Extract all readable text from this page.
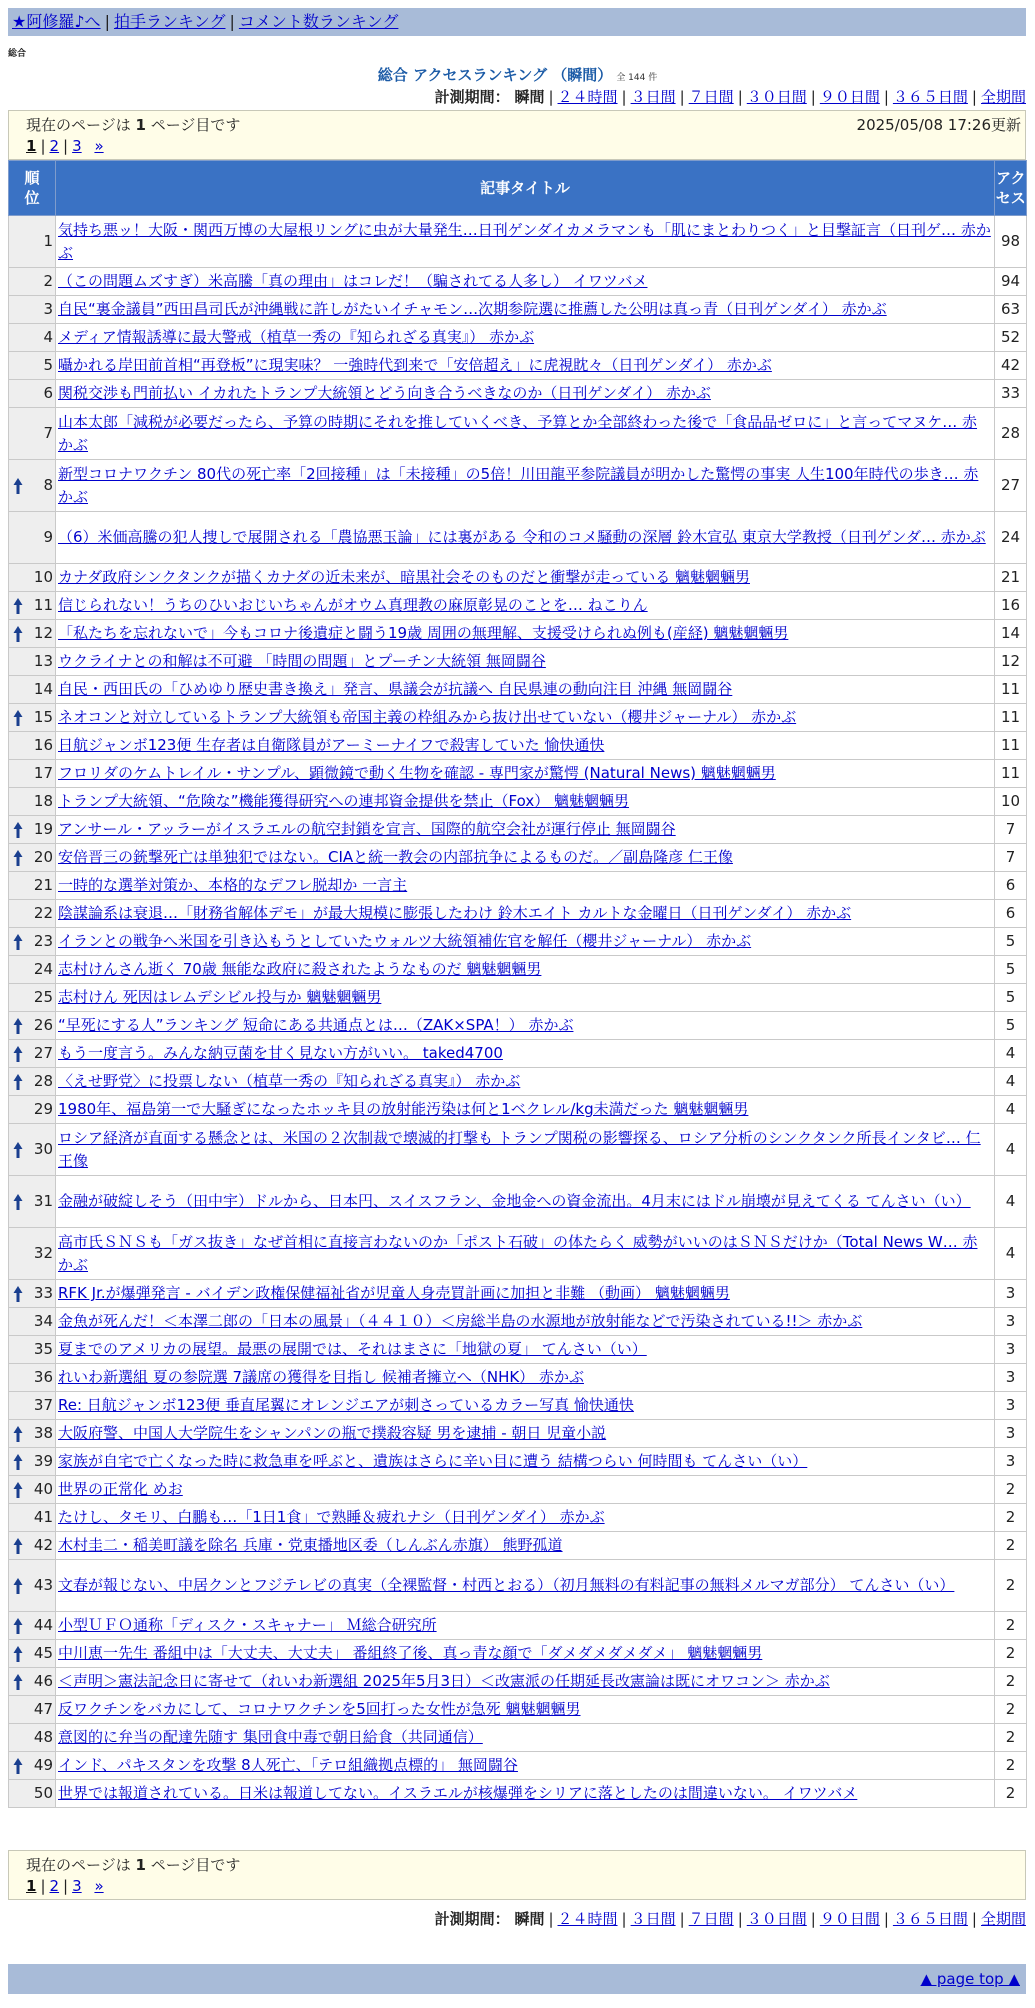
★阿修羅♪へ | 拍手ランキング | コメント数ランキング
総合
総合 アクセスランキング （瞬間） 全 144 件
計測期間： 瞬間 | ２４時間 | ３日間 | ７日間 | ３０日間 | ９０日間 | ３６５日間 | 全期間
現在のページは 1 ページ目です	2025/05/08 17:26更新
1 | 2 | 3 »
順位	記事タイトル	アクセス
1	気持ち悪ッ！大阪・関西万博の大屋根リングに虫が大量発生…日刊ゲンダイカメラマンも「肌にまとわりつく」と目撃証言（日刊ゲ… 赤かぶ	98
2	（この問題ムズすぎ）米高騰「真の理由」はコレだ！（騙されてる人多し） イワツバメ	94
3	自民“裏金議員”西田昌司氏が沖縄戦に許しがたいイチャモン…次期参院選に推薦した公明は真っ青（日刊ゲンダイ） 赤かぶ	63
4	メディア情報誘導に最大警戒（植草一秀の『知られざる真実』） 赤かぶ	52
5	囁かれる岸田前首相“再登板”に現実味？ 一強時代到来で「安倍超え」に虎視眈々（日刊ゲンダイ） 赤かぶ	42
6	関税交渉も門前払い イカれたトランプ大統領とどう向き合うべきなのか（日刊ゲンダイ） 赤かぶ	33
7	山本太郎「減税が必要だったら、予算の時期にそれを推していくべき、予算とか全部終わった後で「食品品ゼロに」と言ってマヌケ… 赤かぶ	28

8	新型コロナワクチン 80代の死亡率「2回接種」は「未接種」の5倍！川田龍平参院議員が明かした驚愕の事実 人生100年時代の歩き… 赤かぶ	27
9	（6）米価高騰の犯人捜しで展開される「農協悪玉論」には裏がある 令和のコメ騒動の深層 鈴木宣弘 東京大学教授（日刊ゲンダ… 赤かぶ	24
10	カナダ政府シンクタンクが描くカナダの近未来が、暗黒社会そのものだと衝撃が走っている 魑魅魍魎男	21

11	信じられない！うちのひいおじいちゃんがオウム真理教の麻原彰晃のことを… ねこりん	16

12	「私たちを忘れないで」今もコロナ後遺症と闘う19歳 周囲の無理解、支援受けられぬ例も(産経) 魑魅魍魎男	14
13	ウクライナとの和解は不可避 「時間の問題」とプーチン大統領 無岡闘谷	12
14	自民・西田氏の「ひめゆり歴史書き換え」発言、県議会が抗議へ 自民県連の動向注目 沖縄 無岡闘谷	11

15	ネオコンと対立しているトランプ大統領も帝国主義の枠組みから抜け出せていない（櫻井ジャーナル） 赤かぶ	11
16	日航ジャンボ123便 生存者は自衛隊員がアーミーナイフで殺害していた 愉快通快	11
17	フロリダのケムトレイル・サンプル、顕微鏡で動く生物を確認 - 専門家が驚愕 (Natural News) 魑魅魍魎男	11
18	トランプ大統領、“危険な”機能獲得研究への連邦資金提供を禁止（Fox） 魑魅魍魎男	10

19	アンサール・アッラーがイスラエルの航空封鎖を宣言、国際的航空会社が運行停止 無岡闘谷	7

20	安倍晋三の銃撃死亡は単独犯ではない。CIAと統一教会の内部抗争によるものだ。／副島隆彦 仁王像	7
21	一時的な選挙対策か、本格的なデフレ脱却か 一言主	6
22	陰謀論系は衰退…「財務省解体デモ」が最大規模に膨張したわけ 鈴木エイト カルトな金曜日（日刊ゲンダイ） 赤かぶ	6

23	イランとの戦争へ米国を引き込もうとしていたウォルツ大統領補佐官を解任（櫻井ジャーナル） 赤かぶ	5
24	志村けんさん逝く 70歳 無能な政府に殺されたようなものだ 魑魅魍魎男	5
25	志村けん 死因はレムデシビル投与か 魑魅魍魎男	5

26	“早死にする人”ランキング 短命にある共通点とは…（ZAK×SPA！） 赤かぶ	5

27	もう一度言う。みんな納豆菌を甘く見ない方がいい。 taked4700	4

28	〈えせ野党〉に投票しない（植草一秀の『知られざる真実』） 赤かぶ	4
29	1980年、福島第一で大騒ぎになったホッキ貝の放射能汚染は何と1ベクレル/kg未満だった 魑魅魍魎男	4

30	ロシア経済が直面する懸念とは、米国の２次制裁で壊滅的打撃も トランプ関税の影響探る、ロシア分析のシンクタンク所長インタビ… 仁王像	4

31	金融が破綻しそう（田中宇）ドルから、日本円、スイスフラン、金地金への資金流出。4月末にはドル崩壊が見えてくる てんさい（い）	4
32	高市氏ＳＮＳも「ガス抜き」なぜ首相に直接言わないのか「ポスト石破」の体たらく 威勢がいいのはＳＮＳだけか（Total News W… 赤かぶ	4

33	RFK Jr.が爆弾発言 - バイデン政権保健福祉省が児童人身売買計画に加担と非難 （動画） 魑魅魍魎男	3
34	金魚が死んだ！＜本澤二郎の「日本の風景」（４４１０）＜房総半島の水源地が放射能などで汚染されている!!＞ 赤かぶ	3
35	夏までのアメリカの展望。最悪の展開では、それはまさに「地獄の夏」 てんさい（い）	3
36	れいわ新選組 夏の参院選 7議席の獲得を目指し 候補者擁立へ（NHK） 赤かぶ	3
37	Re: 日航ジャンボ123便 垂直尾翼にオレンジエアが刺さっているカラー写真 愉快通快	3

38	大阪府警、中国人大学院生をシャンパンの瓶で撲殺容疑 男を逮捕 - 朝日 児童小説	3

39	家族が自宅で亡くなった時に救急車を呼ぶと、遺族はさらに辛い目に遭う 結構つらい 何時間も てんさい（い）	3

40	世界の正常化 めお	2
41	たけし、タモリ、白鵬も…「1日1食」で熟睡＆疲れナシ（日刊ゲンダイ） 赤かぶ	2

42	木村圭二・稲美町議を除名 兵庫・党東播地区委（しんぶん赤旗） 熊野孤道	2

43	文春が報じない、中居クンとフジテレビの真実（全裸監督・村西とおる）（初月無料の有料記事の無料メルマガ部分） てんさい（い）	2

44	小型ＵＦＯ通称「ディスク・スキャナー」 Ｍ総合研究所	2

45	中川恵一先生 番組中は「大丈夫、大丈夫」 番組終了後、真っ青な顔で「ダメダメダメダメ」 魑魅魍魎男	2

46	＜声明＞憲法記念日に寄せて（れいわ新選組 2025年5月3日）＜改憲派の任期延長改憲論は既にオワコン＞ 赤かぶ	2
47	反ワクチンをバカにして、コロナワクチンを5回打った女性が急死 魑魅魍魎男	2
48	意図的に弁当の配達先随す 集団食中毒で朝日給食（共同通信）	2

49	インド、パキスタンを攻撃 8人死亡、「テロ組織拠点標的」 無岡闘谷	2
50	世界では報道されている。日米は報道してない。イスラエルが核爆弾をシリアに落としたのは間違いない。 イワツバメ	2
現在のページは 1 ページ目です
1 | 2 | 3 »
計測期間： 瞬間 | ２４時間 | ３日間 | ７日間 | ３０日間 | ９０日間 | ３６５日間 | 全期間
▲ page top ▲
